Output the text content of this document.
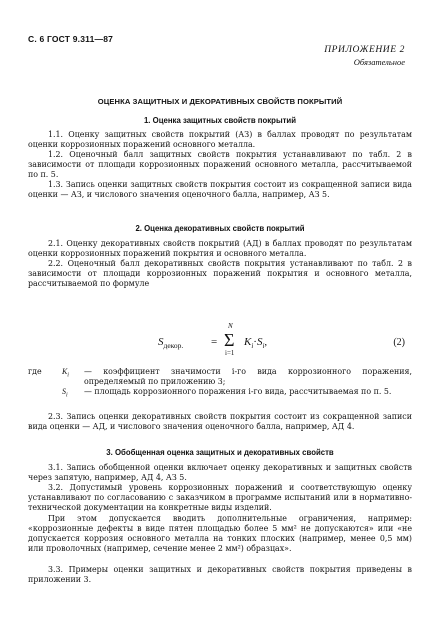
С. 6 ГОСТ 9.311—87
ПРИЛОЖЕНИЕ 2
Обязательное
ОЦЕНКА ЗАЩИТНЫХ И ДЕКОРАТИВНЫХ СВОЙСТВ ПОКРЫТИЙ
1. Оценка защитных свойств покрытий

1.1. Оценку защитных свойств покрытий (АЗ) в баллах проводят по результатам оценки коррозионных поражений основного металла.

1.2. Оценочный балл защитных свойств покрытия устанавливают по табл. 2 в зависимости от площади коррозионных поражений основного металла, рассчитываемой по п. 5.

1.3. Запись оценки защитных свойств покрытия состоит из сокращенной записи вида оценки — АЗ, и числового значения оценочного балла, например, АЗ 5.

2. Оценка декоративных свойств покрытий

2.1. Оценку декоративных свойств покрытий (АД) в баллах проводят по результатам оценки коррозионных поражений покрытия и основного металла.

2.2. Оценочный балл декоративных свойств покрытия устанавливают по табл. 2 в зависимости от площади коррозионных поражений покрытия и основного металла, рассчитываемой по формуле

$S_{декор.}$	=
N
Σ
i=1
$K_i\cdot S_i$,	(2)
где	$K_i$	— коэффициент значимости i-го вида коррозионного поражения, определяемый по приложению 3;
$S_i$	— площадь коррозионного поражения i-го вида, рассчитываемая по п. 5.

2.3. Запись оценки декоративных свойств покрытия состоит из сокращенной записи вида оценки — АД, и числового значения оценочного балла, например, АД 4.

3. Обобщенная оценка защитных и декоративных свойств

3.1. Запись обобщенной оценки включает оценку декоративных и защитных свойств через запятую, например, АД 4, АЗ 5.

3.2. Допустимый уровень коррозионных поражений и соответствующую оценку устанавливают по согласованию с заказчиком в программе испытаний или в нормативно-технической документации на конкретные виды изделий.

При этом допускается вводить дополнительные ограничения, например: «коррозионные дефекты в виде пятен площадью более 5 мм² не допускаются» или «не допускается коррозия основного металла на тонких плоских (например, менее 0,5 мм) или проволочных (например, сечение менее 2 мм²) образцах».

3.3. Примеры оценки защитных и декоративных свойств покрытия приведены в приложении 3.
